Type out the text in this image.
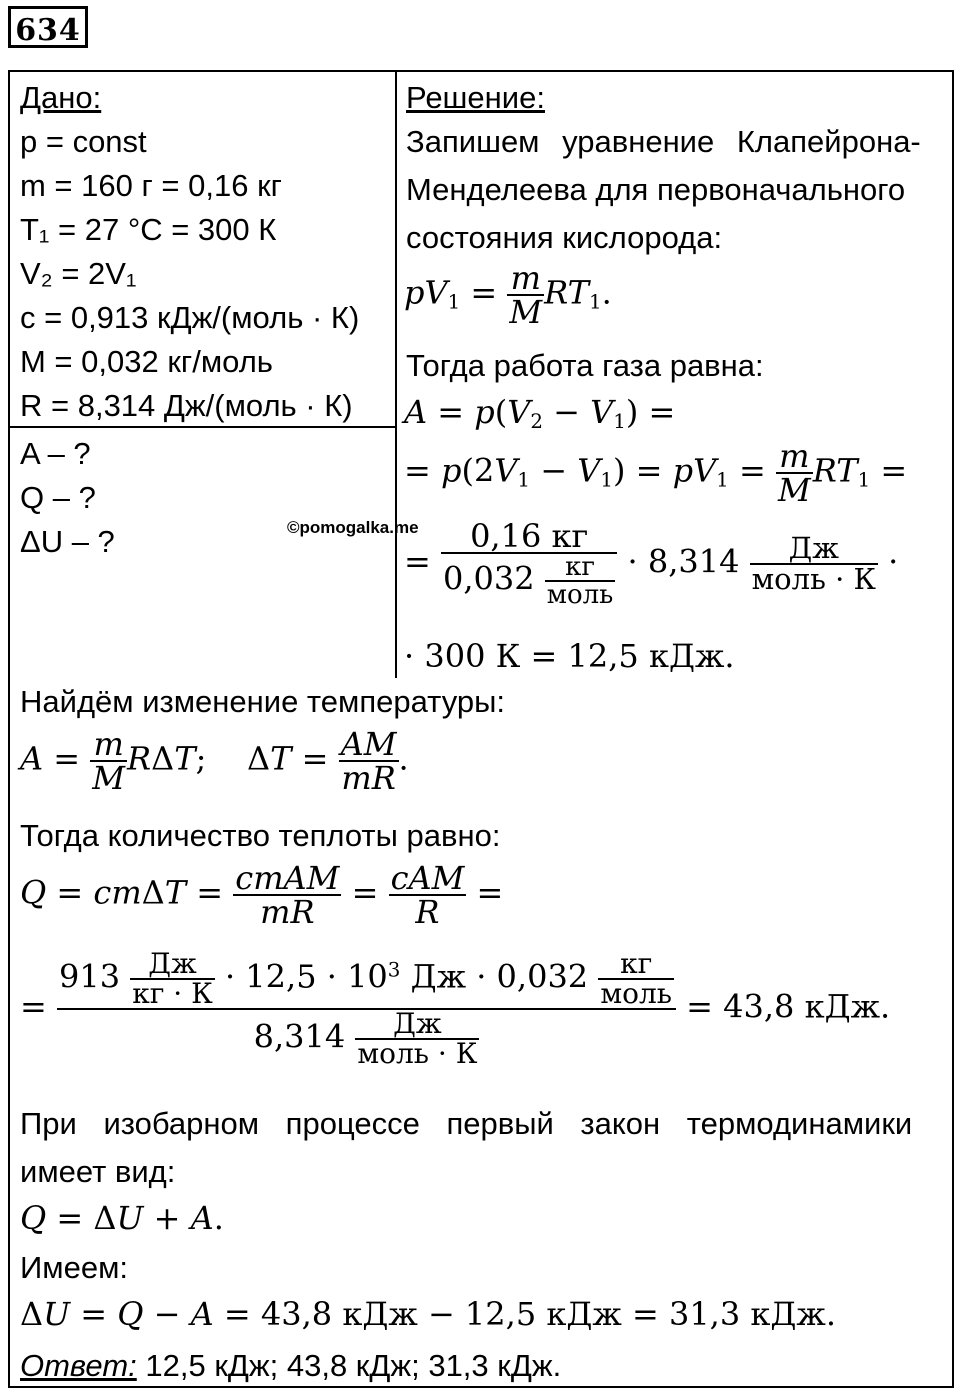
634
Дано:
p = const
m = 160 г = 0,16 кг
T₁ = 27 °С = 300 К
V₂ = 2V₁
c = 0,913 кДж/(моль · К)
M = 0,032 кг/моль
R = 8,314 Дж/(моль · К)
A – ?
Q – ?
ΔU – ?	©pomogalka.me
Решение:
Запишем уравнение Клапейрона-
Менделеева для первоначального
состояния кислорода:
$pV_1 = \frac{m}{M} RT_1$.
Тогда работа газа равна:
$A = p(V_2 - V_1)$ =
= $p(2V_1 - V_1) = pV_1 = \frac{m}{M} RT_1$ =
= $\frac{0,16 кг}{0,032 \frac{кг}{\text{моль}}} \cdot 8,314 \frac{Дж}{\text{моль · К}}$ ·
· 300 К = 12,5 кДж.
Найдём изменение температуры:
$A = \frac{m}{M} R\Delta T$;    $\Delta T = \frac{AM}{mR}$ .
Тогда количество теплоты равно:
$Q = cm\Delta T = \frac{\text{cmAM}}{mR} = \frac{\text{cAM}}{R}$ =
= $\frac{913 \frac{Дж}{кг \cdot К} \cdot 12,5 \cdot 10^3 Дж \cdot 0,032 \frac{кг}{\text{моль}}}{8,314 \frac{Дж}{\text{моль · К}}} = 43,8$ кДж.
При изобарном процессе первый закон термодинамики
имеет вид:
Q = ΔU + A.
Имеем:
ΔU = Q − A = 43,8 кДж − 12,5 кДж = 31,3 кДж.
Ответ: 12,5 кДж; 43,8 кДж; 31,3 кДж.
